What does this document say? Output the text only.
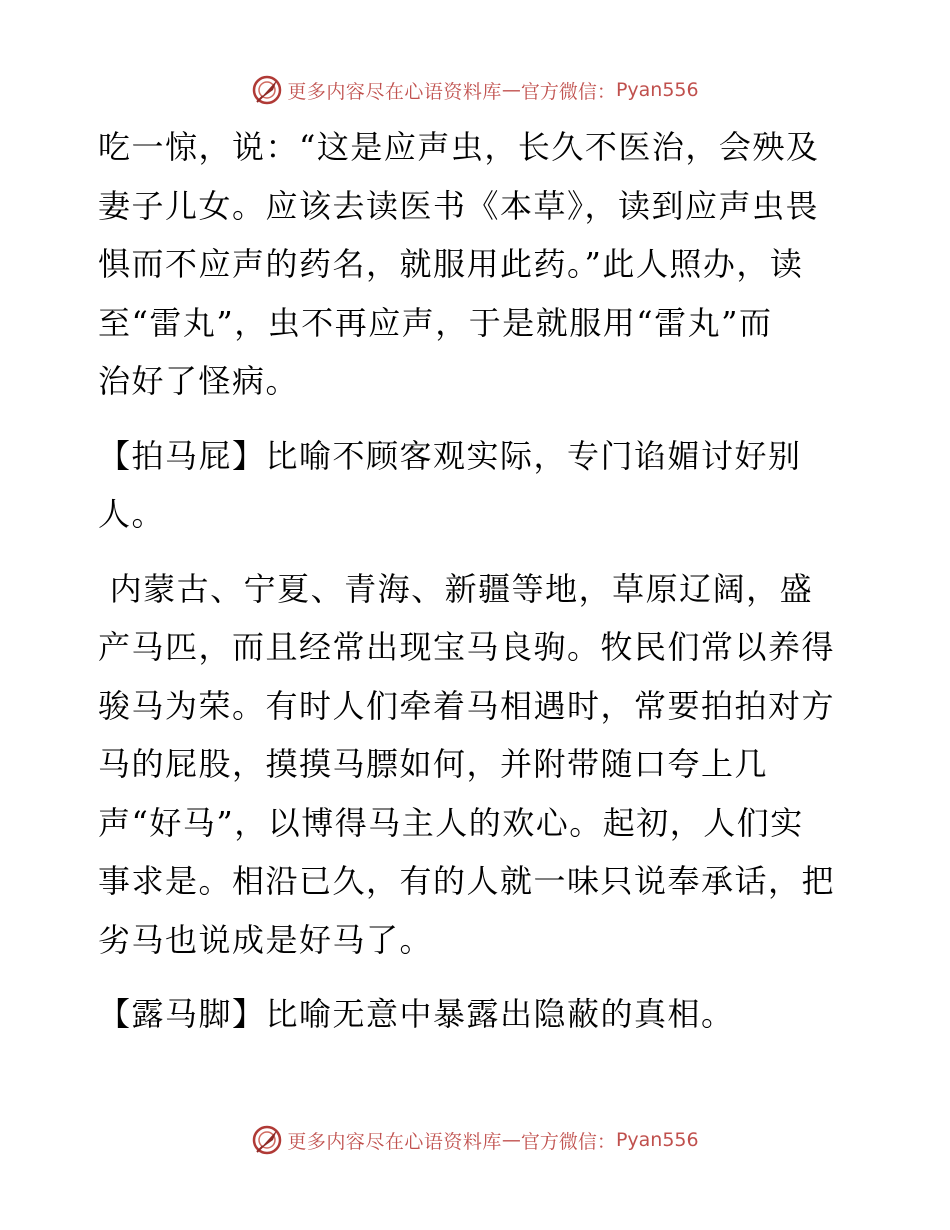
更多内容尽在心语资料库 — 官方微信： Pyan556

吃一惊，说：“这是应声虫，长久不医治，会殃及

妻子儿女。应该去读医书《本草》，读到应声虫畏

惧而不应声的药名，就服用此药。”此人照办，读

至“雷丸”，虫不再应声，于是就服用“雷丸”而

治好了怪病。

【拍马屁】比喻不顾客观实际，专门谄媚讨好别

人。

内蒙古、宁夏、青海、新疆等地，草原辽阔，盛

产马匹，而且经常出现宝马良驹。牧民们常以养得

骏马为荣。有时人们牵着马相遇时，常要拍拍对方

马的屁股，摸摸马膘如何，并附带随口夸上几

声“好马”，以博得马主人的欢心。起初，人们实

事求是。相沿已久，有的人就一味只说奉承话，把

劣马也说成是好马了。

【露马脚】比喻无意中暴露出隐蔽的真相。

更多内容尽在心语资料库 — 官方微信： Pyan556
